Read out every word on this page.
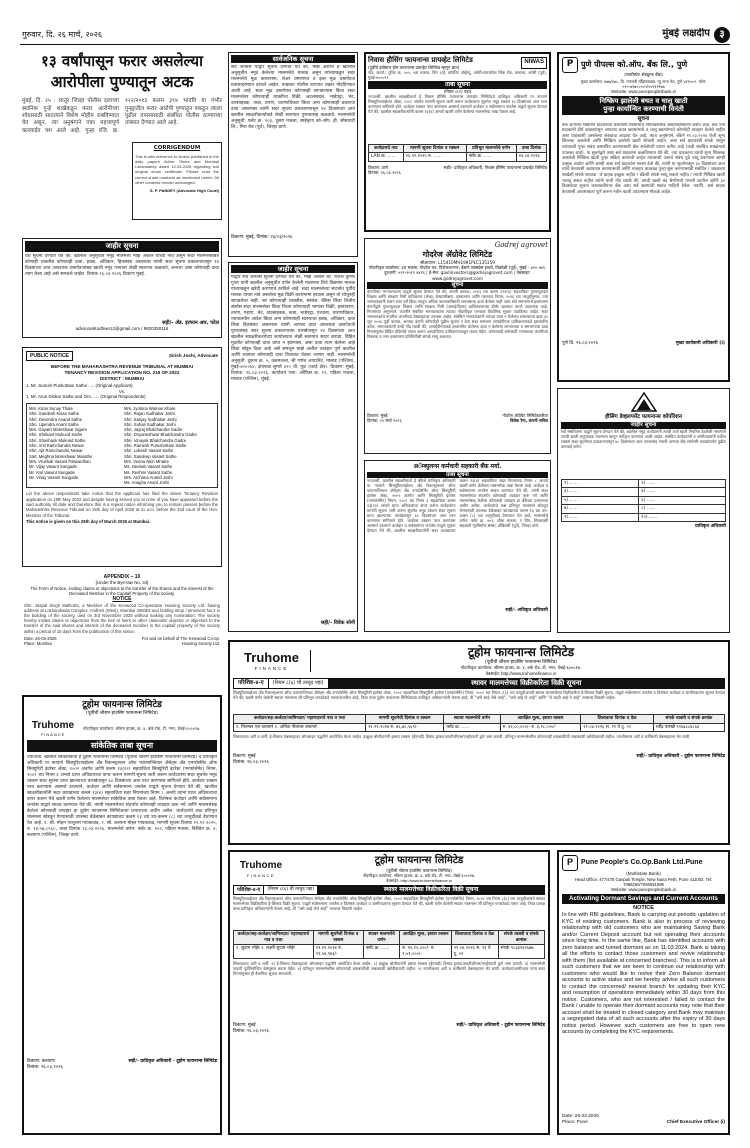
गुरुवार, दि. २६ मार्च, २०२६	मुंबई लक्षदीप ३
१३ वर्षांपासून फरार असलेल्या
आरोपीला पुण्यातून अटक
मुंबई, दि. २५ : लातूर जिल्हा पोलीस दलाच्या स्थानिक गुन्हे शाखेकडून फरार आरोपीच्या शोधासाठी सातत्याने विशेष मोहीम राबविण्यात येत असून, त्या अनुषंगाने एका महत्त्वपूर्ण कारवाईत यश आले आहे. गुन्हा रजि. क्र. १२२/२०१३ कलम ३९४ भादवि या गंभीर गुन्ह्यातील फरार आरोपी पुण्याहून पकडून त्याला पुढील तपासासाठी संबंधित पोलीस ठाण्याच्या ताब्यात देण्यात आले आहे.
CORRIGENDUM
This is with reference to Notice published in the daily papers Active Times and Mumbai Lakshadeep dated 12.03.2026 regarding lost original share certificate. Please read the correct share numbers as mentioned herein. All other contents remain unchanged.
S. P. PANDEY (Advocate High Court)
जाहीर सूचना
येथे सूचना देण्यात येते की, खालील अनुसूचीत नमूद मालमत्ता माझे अशील यांच्या नावे असून सदर मालमत्तेबाबत कोणाही व्यक्तीस कोणताही दावा, हक्क, अधिकार, हितसंबंध असल्यास त्यांनी सदर सूचना प्रकाशनापासून १४ दिवसांच्या आत आवश्यक दस्तऐवजांसह खाली नमूद पत्त्यावर लेखी स्वरुपात कळवावे, अन्यथा असा कोणताही दावा त्याग केला आहे असे समजले जाईल. दिनांक २६.०३.२०२६ ठिकाण मुंबई.
सही/- ॲड. इरफान आर. पटेल
advsonalKodhwe12@gmail.com / 9820350116
PUBLIC NOTICE	Sirish Joshi, Advocate
BEFORE THE MAHARASHTRA REVENUE TRIBUNAL AT MUMBAI
TENANCY REVISION APPLICATION NO. 219 OF 2022
DISTRICT : MUMBAI
1. Mr. Suresh Pushottam Sathe ..... (Original Applicant)
Vs.
1. Mr. Arun Dinkar Sathe and Ors. ..... (Original Respondents)
Mrs. Kiran Sunay Thate
Shri. Sandesh Kisan Sathe
Shri. Devendra Anand Sathe
Shri. Upendra Anant Sathe
Mrs. Gayatri Moreshwar Sigare
Shri. Shrikant Mukund Sathe
Shri. Shashank Mukund Sathe
Shri. Anil Ramchandra Newar
Shri. Ajit Ramchandra Newar
Smt. Meghna Moreshwar Marathe
Mrs. Vrushali Vasant Patwardhan
Mr. Vijay Vasant Sangade
Mr. Atul Vasant Sangade
Mr. Vinay Vasant Sangade
Mrs. Jyotsna Waman Khare
Shri. Rajan Sudhakar Joshi
Shri. Sanjay Sudhakar Joshi
Shri. Suhas Sudhakar Joshi
Shri. Jayraj Bhalchandra Gadre
Shri. Dnyaneshwar Bhalchandra Gadre
Shri. Vinayak Bhalchandra Gadre
Shri. Ramesh Purushottam Sathe
Shri. Lokesh Vasant Sathe
Shri. Sandeep Vasant Sathe
Mrs. Veena Nitin Mhatre
Ms. Neelam Vasant Sathe
Ms. Reshmi Vasant Sathe
Mrs. Archana Anand Joshi
Ms. Anagha Anant Joshi
Let the above respondents take notice that the applicant has filed the above Tenancy Revision application on 18th May 2022 and despite having served you at none of you have appeared before the said authority till date and therefore this is a repeat notice informing you to remain present before the Maharashtra Revenue Tribunal on 15th day of April 2026 at 11 a.m. before the 2nd court of the Hon. Member of the Tribunal.
This notice is given on this 26th day of March 2026 at Mumbai.
APPENDIX – 10
[Under the Bye-law No. 34]
The Form of Notice, inviting claims or objections to the transfer of the shares and the interest of the Deceased Member in the Capital/ Property of the society.
NOTICE
Shri. Jaspal Singh Malhotra, a Member of the Kenwood Co-operative Housing Society Ltd. having address at Lokhandwala Complex, Andheri (West), Mumbai 400053 and holding shop / tenement No.2 in the building of the society, died on 3rd November 2025 without making any nomination. The society hereby invites claims or objections from the heir or heirs or other claimants/ objector or objectors to the transfer of the said shares and interest of the deceased member in the capital/ property of the society within a period of 15 days from the publication of this notice.
Date: 26-03-2026
Place: Mumbai
For and on behalf of The Kenwood Co-op. Housing Society Ltd.
टूहोम फायनान्स लिमिटेड
(पूर्वीची श्रीराम हाउसिंग फायनान्स लिमिटेड)
Truhome
FINANCE
नोंदणीकृत कार्यालय: श्रीराम हाउस, क्र. ४, बर्क रोड, टी. नगर, चेन्नई-६०००१७.
सांकेतिक ताबा सूचना
ज्याअर्थी, खालील स्वाक्षरीकर्ता हे टूहोम फायनान्स लिमिटेड (पूर्वीची श्रीराम हाउसिंग फायनान्स लिमिटेड) चे प्राधिकृत अधिकारी या नात्याने सिक्युरिटायझेशन अँड रिकन्स्ट्रक्शन ऑफ फायनान्शियल ॲसेट्स अँड एनफोर्समेंट ऑफ सिक्युरिटी इंटरेस्ट ॲक्ट, २००२ अंतर्गत आणि कलम १३(१२) सहवाचिता सिक्युरिटी इंटरेस्ट (एनफोर्समेंट) नियम, २००२ च्या नियम ३ अन्वये प्राप्त अधिकाराचा वापर करून मागणी सूचना जारी करून कर्जदारांना सदर सूचनेत नमूद रक्कम सदर सूचना प्राप्त झाल्याच्या तारखेपासून ६० दिवसांच्या आत परत करण्यास सांगितले होते. कर्जदार रक्कम परत करण्यास असमर्थ ठरल्याने, कर्जदार आणि सर्वसामान्य जनतेस याद्वारे सूचना देण्यात येते की, खालील स्वाक्षरीकर्त्यांनी सदर कायद्याच्या कलम १३(४) सहवाचिता सदर नियमांच्या नियम ८ अन्वये त्यांना प्राप्त अधिकाराचा वापर करून येथे खाली वर्णन केलेल्या मालमत्तेचा सांकेतिक ताबा घेतला आहे. विशेषतः कर्जदार आणि सर्वसामान्य जनतेस याद्वारे सावध करण्यात येते की, त्यांनी मालमत्तेच्या संदर्भात कोणताही व्यवहार करू नये आणि मालमत्तेसह केलेला कोणताही व्यवहार हा टूहोम फायनान्स लिमिटेडच्या प्रभाराच्या अधीन असेल. कर्जदारांचे लक्ष प्रतिभूत मालमत्ता सोडवून घेण्यासाठी उपलब्ध वेळेबाबत कायद्याच्या कलम १३ च्या उप-कलम (८) च्या तरतुदीकडे वेधण्यात येत आहे. १. श्री. मोहन परशुराम गायकवाड, २. सौ. कल्पना मोहन गायकवाड, मागणी सूचना दिनांक १२.१२.२०२५, रु. १४,५७,८९६/-, ताबा दिनांक २३.०३.२०२६. मालमत्तेचे वर्णन: फ्लॅट क्र. १०२, पहिला मजला, बिल्डिंग क्र. ४, कल्याण (पश्चिम), जिल्हा ठाणे.
ठिकाण: कल्याण
दिनांक: २६.०३.२०२६
सही/- प्राधिकृत अधिकारी - टूहोम फायनान्स लिमिटेड
सार्वजनिक सूचना
सर्व जनतेस याद्वारे सूचना देण्यात येते की, माझे अशील हे खालील अनुसूचीत नमूद केलेल्या मालमत्तेचे मालक असून त्यांच्याकडून सदर मालमत्तेचे मूळ करारनामा, शेअर प्रमाणपत्र व इतर मूळ दस्तऐवज प्रवासादरम्यान हरवले आहेत. याबाबत पोलीस ठाण्यात तक्रार नोंदविण्यात आली आहे. सदर मूळ दस्तऐवज कोणासही सापडल्यास किंवा सदर मालमत्तेवर कोणत्याही व्यक्तीचा विक्री, अदलाबदल, भाडेपट्टा, भेट, वारसाहक्क, ताबा, तारण, धारणाधिकार किंवा अन्य कोणत्याही प्रकारचा दावा असल्यास त्यांनी सदर सूचना प्रकाशनापासून १४ दिवसांच्या आत खालील स्वाक्षरीकर्त्याकडे लेखी स्वरुपात पुराव्यासह कळवावे. मालमत्तेची अनुसूची: फ्लॅट क्र. २०३, दुसरा मजला, साईकृपा को-ऑप. हौ. सोसायटी लि., मिरा रोड (पूर्व), जिल्हा ठाणे.
ठिकाण: मुंबई, दिनांक: २६/०३/२०२६
जाहीर सूचना
याद्वारे सर्व जनतेस सूचना देण्यात येते की, माझे अशील श्री. राजेश कुमार गुप्ता यांनी खालील अनुसूचीत वर्णन केलेली मालमत्ता तिचे विद्यमान मालक यांच्याकडून खरेदी करण्याचे ठरविले आहे. सदर मालमत्तेच्या संदर्भात पूर्वीचे मालक यांच्या नावे असलेला मूळ विक्री करारनामा हरवला असून तो शोधूनही सापडलेला नाही. जर कोणत्याही व्यक्तीस, संस्थेस, बँकेस किंवा वित्तीय संस्थेस सदर मालमत्तेवर किंवा तिच्या कोणत्याही भागावर विक्री, हस्तांतरण, तारण, गहाण, भेट, वारसाहक्क, ताबा, भाडेपट्टा, परवाना, धारणाधिकार, न्यायालयीन आदेश किंवा अन्य कोणत्याही स्वरुपाचा हक्क, अधिकार, दावा किंवा हितसंबंध असल्यास त्यांनी आपला दावा आवश्यक दस्तऐवजी पुराव्यांसह सदर सूचना प्रकाशनाच्या तारखेपासून १४ दिवसांच्या आत खालील स्वाक्षरीकर्त्याच्या कार्यालयात लेखी स्वरुपात सादर करावा. विहित मुदतीत कोणताही दावा प्राप्त न झाल्यास, असा दावा त्याग केलेला आहे किंवा सोडून दिला आहे असे समजून माझे अशील व्यवहार पूर्ण करतील आणि त्यानंतर कोणताही दावा विचारात घेतला जाणार नाही. मालमत्तेची अनुसूची: दुकान क्र. ५, तळमजला, श्री गणेश अपार्टमेंट, मालाड (पश्चिम), मुंबई-४०००६४, क्षेत्रफळ सुमारे ३२० चौ. फूट (चटई क्षेत्र). ठिकाण: मुंबई, दिनांक: २६.०३.२०२६. कार्यालय पत्ता: ऑफिस क्र. ११, पहिला मजला, मालाड (पश्चिम), मुंबई.
सही/- विवेक सोनी
निवास हौसिंग फायनान्स प्रायव्हेट लिमिटेड
(पूर्वीचे इंडोस्टार होम फायनान्स प्रायव्हेट लिमिटेड म्हणून ज्ञात)
NIWAS
नोंद. कार्या.: युनिट क्र. ५०५, ५वा मजला, विंग २/ई, कॉर्पोरेट ॲव्हेन्यू, अंधेरी-घाटकोपर लिंक रोड, चकाला, अंधेरी (पूर्व), मुंबई-४०००९९.
ताबा सूचना
(नियम ८(१) पहा)
ज्याअर्थी, खालील स्वाक्षरीकर्ता हे निवास हौसिंग फायनान्स प्रायव्हेट लिमिटेडचे प्राधिकृत अधिकारी या नात्याने सिक्युरिटायझेशन ॲक्ट, २००२ अंतर्गत मागणी सूचना जारी करून कर्जदारांना सूचनेत नमूद रक्कम ६० दिवसांच्या आत परत करण्यास सांगितले होते. कर्जदार रक्कम परत करण्यास असमर्थ ठरल्याने कर्जदार व सर्वसामान्य जनतेस याद्वारे सूचना देण्यात येते की, खालील स्वाक्षरीकर्त्यांनी कलम १३(४) अन्वये खाली वर्णन केलेल्या मालमत्तेचा ताबा घेतला आहे.
कर्जदाराचे नाव	मागणी सूचना दिनांक व रक्कम	प्रतिभूत मालमत्तेचे वर्णन	ताबा दिनांक
LAN क्र. ......	२६.११.२०२५ रु. ......	फ्लॅट क्र. ......	२३.०३.२०२६
ठिकाण: ठाणे
दिनांक: २६.०३.२०२६
सही/- प्राधिकृत अधिकारी, निवास हौसिंग फायनान्स प्रायव्हेट लिमिटेड
Godrej agrovet
गोदरेज ॲग्रोवेट लिमिटेड
सीआयएन: L15410MH1991PLC135359
नोंदणीकृत कार्यालय: ३रा मजला, गोदरेज वन, पिरोजशानगर, ईस्टर्न एक्सप्रेस हायवे, विक्रोळी (पूर्व), मुंबई - ४०० ०७९.
दूरध्वनी: ०२२-२५१९ ४४१६ | ई-मेल: gavlinvestors@godrejagrovet.com | वेबसाइट: www.godrejagrovet.com
सूचना
कंपनीच्या भागधारकांना याद्वारे सूचना देण्यात येते की, कंपनी कायदा, २०१३ च्या कलम १२४(६) सहवाचिता गुंतवणूकदार शिक्षण आणि संरक्षण निधी प्राधिकरण (लेखा, लेखापरीक्षण, हस्तांतरण आणि परतावा) नियम, २०१६ च्या तरतुदीनुसार, ज्या भागधारकांनी सलग सात वर्षे किंवा त्याहून अधिक कालावधीसाठी लाभांशाचा दावा केलेला नाही अशा सर्व समभागांचे हस्तांतरण कंपनीद्वारे गुंतवणूकदार शिक्षण आणि संरक्षण निधी (आयईपीएफ) प्राधिकरणाच्या डीमॅट खात्यात करणे आवश्यक आहे. नियमांच्या अनुषंगाने, कंपनीने संबंधित भागधारकांना त्यांच्या नोंदणीकृत पत्त्यावर वैयक्तिक सूचना पाठविल्या आहेत. सदर भागधारकांचे तपशील कंपनीच्या वेबसाइटवर उपलब्ध आहेत. संबंधित भागधारकांनी त्यांच्या दावा न केलेल्या लाभांशाचा दावा ३० जून २०२६ पूर्वी करावा, अन्यथा कंपनी कोणतीही पुढील सूचना न देता सदर समभाग आयईपीएफ प्राधिकरणाकडे हस्तांतरित करेल. भागधारकांनी याची नोंद घ्यावी की, आयईपीएफकडे हस्तांतरित केलेल्या दावा न केलेल्या लाभांशाचा व समभागांचा दावा नियमांनुसार विहित प्रक्रियेचे पालन करून आयईपीएफ प्राधिकरणाकडून करता येईल. कोणत्याही शंकेसाठी भागधारक कंपनीच्या निबंधक व भाग हस्तांतरण प्रतिनिधीशी संपर्क साधू शकतात.
ठिकाण: मुंबई
दिनांक: २५ मार्च २०२६
गोदरेज ॲग्रोवेट लिमिटेडकरिता
विवेक रैना, कंपनी सचिव
अॅम्ब्युलन्स कर्मचारी सहकारी बँक मर्या.
ताबा सूचना
ज्याअर्थी, खालील स्वाक्षरीकर्ता हे बँकेचे प्राधिकृत अधिकारी या नात्याने सिक्युरिटायझेशन अँड रिकन्स्ट्रक्शन ऑफ फायनान्शियल ॲसेट्स अँड एनफोर्समेंट ऑफ सिक्युरिटी इंटरेस्ट ॲक्ट, २००२ अंतर्गत आणि सिक्युरिटी इंटरेस्ट (एनफोर्समेंट) नियम, २००२ च्या नियम ३ सहवाचिता कलम १३(१२) अन्वये प्राप्त अधिकारांचा वापर करून कर्जदारांना मागणी सूचना जारी करून सूचनेत नमूद रक्कम सदर सूचना प्राप्त झाल्याच्या तारखेपासून ६० दिवसांच्या आत परत करण्यास सांगितले होते. कर्जदार रक्कम परत करण्यास असमर्थ ठरल्याने कर्जदार व सर्वसामान्य जनतेस याद्वारे सूचना देण्यात येते की, खालील स्वाक्षरीकर्त्यांनी सदर कायद्याच्या कलम १३(४) सहवाचिता सदर नियमांच्या नियम ८ अन्वये खाली वर्णन केलेल्या मालमत्तेचा ताबा घेतला आहे. कर्जदार व सर्वसामान्य जनतेस सावध करण्यात येते की, त्यांनी सदर मालमत्तेच्या संदर्भात कोणताही व्यवहार करू नये आणि मालमत्तेसह केलेला कोणताही व्यवहार हा बँकेच्या प्रभाराच्या अधीन असेल. कर्जदारांचे लक्ष प्रतिभूत मालमत्ता सोडवून घेण्यासाठी उपलब्ध वेळेबाबत कायद्याच्या कलम १३ च्या उप-कलम (८) च्या तरतुदीकडे वेधण्यात येत आहे. मालमत्तेचे वर्णन: फ्लॅट क्र. ४०१, चौथा मजला, ए विंग, शिवशक्ती सहकारी गृहनिर्माण संस्था, डोंबिवली (पूर्व), जिल्हा ठाणे.
सही/- अधिकृत अधिकारी
P पुणे पीपल्स को.ऑप. बँक लि., पुणे
(मल्टीस्टेट शेड्युल्ड बँक)
मुख्य कार्यालय: ४७७/४७८, ठि. गणपती मंदिराजवळ, न्यू नाना पेठ, पुणे ४११००२. फोन: ०२०-७१७०८५०५/५५९९९९७७
Website: www.punepeoplesbank.in
निष्क्रिय झालेली बचत व चालू खाती
पुन्हा कार्यान्वित करण्याची विनंती
सूचना
बँक आपल्या विद्यमान ग्राहकांच्या केवायसी तपशीलाचे नियतकालिक अद्ययावतीकरण करीत आहे. बँक ज्या ग्राहकांनी दीर्घ काळापासून आपल्या बचत खात्यांमध्ये व चालू खात्यांमध्ये कोणतेही व्यवहार केलेले नाहीत अशा ग्राहकांशी असलेल्या संबंधांचा आढावा घेत आहे. त्याच अनुषंगाने, बँकेने ११.०३.२०२४ रोजी शून्य शिल्लक असलेली आणि निष्क्रिय झालेली खाती शोधली आहेत. अशा सर्व ग्राहकांशी संपर्क साधून त्यांच्याशी पुन्हा संबंध प्रस्थापित करण्यासाठी बँक सर्वतोपरी प्रयत्न करीत आहे (यादी संबंधित शाखांमध्ये उपलब्ध आहे). या सूचनेद्वारे अशा सर्व ग्राहकांना कळविण्यात येते की, ज्या ग्राहकांना त्यांची शून्य शिल्लक असलेली निष्क्रिय खाती पुन्हा सक्रिय करायची आहेत त्यांच्याशी आमचे संबंध पुढे चालू ठेवण्यास आम्ही उत्सुक आहोत आणि आम्ही अशा सर्व ग्राहकांना सल्ला देतो की, त्यांनी या सूचनेपासून ३० दिवसांच्या आत त्यांचे केवायसी अद्ययावत करण्यासाठी आणि व्यवहार तात्काळ पुन्हा सुरू करण्यासाठी संबंधित / जवळच्या शाखेशी संपर्क साधावा. जे ग्राहक इच्छुक नाहीत / बँकेशी संपर्क साधू शकले नाहीत / त्यांची निष्क्रिय खाती चालवू शकत नाहीत त्यांनी याची नोंद घ्यावी की, त्यांची खाती बंद श्रेणीमध्ये गणली जातील आणि ३० दिवसांच्या सूचना कालावधीनंतर बँक अशा सर्व खात्यांची स्वतंत्र माहिती ठेवेल. तथापि, असे ग्राहक केवायसी आवश्यकता पूर्ण करून नवीन खाती उघडण्यास मोकळे आहेत.
पुणे दि. २६.०३.२०२६	मुख्य कार्यकारी अधिकारी (i)
हौसिंग डेव्हलपमेंट फायनान्स कॉर्पोरेशन
जाहीर सूचना
सर्व संबंधितांना याद्वारे सूचना देण्यात येते की, खालील नमूद कर्जदारांनी त्यांची कर्ज खाती नियमित ठेवलेली नसल्याने त्यांची खाती अनुत्पादक मालमत्ता म्हणून वर्गीकृत करण्यात आली आहेत. संबंधित कर्जदारांनी व जामीनदारांनी थकीत रक्कम सदर सूचनेच्या प्रकाशनापासून ६० दिवसांच्या आत व्याजासह भरावी अन्यथा बँक सरफेसी कायद्यांतर्गत पुढील कारवाई करेल.
१) ......	२) ......
३) ......	४) ......
५) ......	६) ......
७) ......	८) ......
९) ......	१०) ......
प्राधिकृत अधिकारी
Truhome
FINANCE
टूहोम फायनान्स लिमिटेड
(पूर्वीची श्रीराम हाउसिंग फायनान्स लिमिटेड)
नोंदणीकृत कार्यालय: श्रीराम हाउस, क्र. ४, बर्क रोड, टी. नगर, चेन्नई-६०००१७.
वेबसाईट: http://www.truhomefinance.in
परिशिष्ट-४-ए	(नियम ८(६) ची तरतूद पहा)	स्थावर मालमत्तेच्या विक्रीकरिता विक्री सूचना
सिक्युरिटायझेशन अँड रिकन्स्ट्रक्शन ऑफ फायनान्शियल ॲसेट्स अँड एनफोर्समेंट ऑफ सिक्युरिटी इंटरेस्ट ॲक्ट, २००२ सहवाचिता सिक्युरिटी इंटरेस्ट (एनफोर्समेंट) नियम, २००२ च्या नियम ८(६) च्या तरतुदीअन्वये स्थावर मालमत्तेच्या विक्रीकरिता ई-लिलाव विक्री सूचना. याद्वारे सर्वसामान्य जनतेस व विशेषतः कर्जदार व जामीनदारांना सूचना देण्यात येते की, खाली वर्णन केलेली स्थावर मालमत्ता जी प्रतिभूत धनकोकडे तारण/प्रभारित आहे, तिचा ताबा टूहोम फायनान्स लिमिटेडच्या प्राधिकृत अधिकाऱ्यांनी घेतला आहे, ती "जसे आहे जेथे आहे", "जसे आहे जे आहे" आणि "जे काही आहे ते आहे" तत्त्वावर विकली जाईल.
कर्जदार/सह-कर्जदार/जामिनदार/ गहाणदाराचे नाव व पत्ता	मागणी सूचनेची दिनांक व रक्कम	स्थावर मालमत्तेचे वर्णन	आरक्षित मूल्य, इसारा रक्कम	लिलावाचा दिनांक व वेळ	संपर्क व्यक्ती व संपर्क क्रमांक
१. निलम्बर एस वाघमारे २. अनिता नीलांबर वाघमारे	२१.११.२०२४ रु. ४६,७८,५६९/-	फ्लॅट क्र. ......	रु. ३२,८०,०००/- रु. ३,२८,०००/-	२१.०४.२०२६ स. ११ ते दु. ०१	रवींद्र पारखी ९१६७८८४८६४
लिलावाच्या अटी व शर्ती: ई-लिलाव वेबसाइटवर ऑनलाइन पद्धतीने आयोजित केला जाईल. इच्छुक बोलीदारांनी इसारा रक्कम (ईएमडी) डिमांड ड्राफ्ट/आरटीजीएस/एनईएफटी द्वारे जमा करावी. प्रतिभूत मालमत्तेवरील कोणत्याही थकबाकीची जबाबदारी खरेदीदाराची राहील. तपशीलवार अटी व शर्तींसाठी वेबसाइटला भेट द्यावी.
ठिकाण: मुंबई
दिनांक: २६.०३.२०२६
सही/- प्राधिकृत अधिकारी - टूहोम फायनान्स लिमिटेड
Truhome
FINANCE
टूहोम फायनान्स लिमिटेड
(पूर्वीची श्रीराम हाउसिंग फायनान्स लिमिटेड)
नोंदणीकृत कार्यालय: श्रीराम हाउस, क्र. ४, बर्क रोड, टी. नगर, चेन्नई-६०००१७.
वेबसाईट: http://www.truhomefinance.in
परिशिष्ट-४-ए	(नियम ८(६) ची तरतूद पहा)	स्थावर मालमत्तेच्या विक्रीकरिता विक्री सूचना
सिक्युरिटायझेशन अँड रिकन्स्ट्रक्शन ऑफ फायनान्शियल ॲसेट्स अँड एनफोर्समेंट ऑफ सिक्युरिटी इंटरेस्ट ॲक्ट, २००२ सहवाचिता सिक्युरिटी इंटरेस्ट (एनफोर्समेंट) नियम, २००२ च्या नियम ८(६) च्या तरतुदीअन्वये स्थावर मालमत्तेच्या विक्रीकरिता ई-लिलाव विक्री सूचना. याद्वारे सर्वसामान्य जनतेस व विशेषतः कर्जदार व जामीनदारांना सूचना देण्यात येते की, खाली वर्णन केलेली स्थावर मालमत्ता जी प्रतिभूत धनकोकडे तारण आहे, तिचा प्रत्यक्ष ताबा प्राधिकृत अधिकाऱ्यांनी घेतला आहे, ती "जसे आहे जेथे आहे" तत्त्वावर विकली जाईल.
कर्जदार/सह-कर्जदार/जामिनदार/ गहाणदाराचे नाव व पत्ता	मागणी सूचनेची दिनांक व रक्कम	स्थावर मालमत्तेचे वर्णन	आरक्षित मूल्य, इसारा रक्कम	लिलावाचा दिनांक व वेळ	संपर्क व्यक्ती व संपर्क क्रमांक
१. सुदाम भोईर २. लक्ष्मी सुदाम भोईर	२९.११.२०२४ रु. १९,५४,९४३/-	फ्लॅट क्र. ......	रु. १५,१०,०००/- रु. १,५१,०००/-	२१.०४.२०२६ स. ११ ते दु. ०१	संपर्क ९८३३१३२६७७
लिलावाच्या अटी व शर्ती: १) ई-लिलाव वेबसाइटवर ऑनलाइन पद्धतीने आयोजित केला जाईल. २) इच्छुक बोलीदारांनी इसारा रक्कम (ईएमडी) डिमांड ड्राफ्ट/आरटीजीएस/एनईएफटी द्वारे जमा करावी. ३) मालमत्तेची पाहणी पूर्वनियोजित वेळेनुसार करता येईल. ४) प्रतिभूत मालमत्तेवरील कोणत्याही थकबाकीची जबाबदारी खरेदीदाराची राहील. ५) तपशीलवार अटी व शर्तींसाठी वेबसाइटला भेट द्यावी. कर्जदार/जामीनदार यांना सदर नियमांनुसार ही वैधानिक सूचना समजावी.
ठिकाण: मुंबई
दिनांक: २६.०३.२०२६
सही/- प्राधिकृत अधिकारी - टूहोम फायनान्स लिमिटेड
P	Pune People's Co.Op.Bank Ltd.Pune
(Multistate Bank)
Head Office: 477/478 Ganpati Temple, New Nana Peth, Pune 411002. Tel: 7066250/7066051999
Website: www.punepeoplesbank.in
Activating Dormant Savings and Current Accounts
NOTICE
In line with RBI guidelines, Bank is carrying out periodic updation of KYC of existing customers. Bank is also in process of reviewing relationship with old customers who are maintaining Saving Bank and/or Current Deposit account but not operating their accounts since long time. In the same line, Bank has identified accounts with zero balance and turned dormant as on 11.03.2024. Bank is taking all the efforts to contact those customers and revive relationship with them (list available at concerned branches). This is to inform all such customers that we are keen to continue our relationship with customers who would like to revive their Zero Balance dormant accounts to active status and we hereby advise all such customers to contact the concerned/ nearest branch for updating their KYC and resumption of operations immediately within 30 days from this notice. Customers, who are not interested / failed to contact the Bank / unable to operate their dormant accounts may note that their account shall be treated in closed category and Bank may maintain a segregated data of all such accounts after the expiry of 30 days notice period. However such customers are free to open new accounts by completing the KYC requirements.
Date: 26.03.2026
Place: Pune	Chief Executive Officer (i)
